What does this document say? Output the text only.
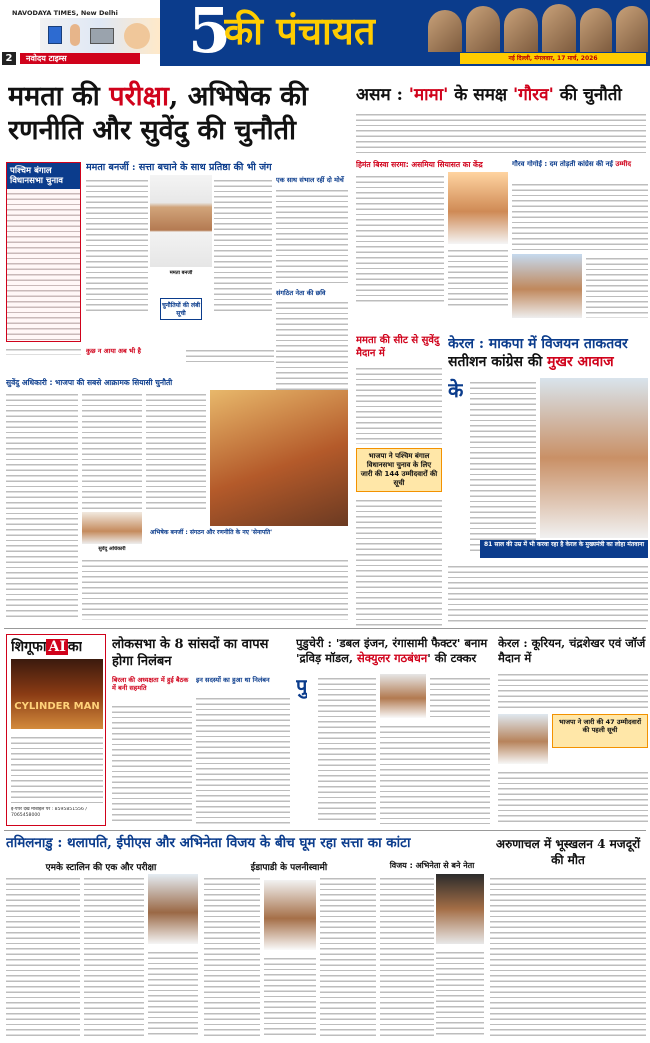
NAVODAYA TIMES, New Delhi
2	नवोदय टाइम्स	5
की पंचायत
नई दिल्ली, मंगलवार, 17 मार्च, 2026
ममता की परीक्षा, अभिषेक की रणनीति और सुवेंदु की चुनौती
पश्चिम बंगाल विधानसभा चुनाव
ममता बनर्जी : सत्ता बचाने के साथ प्रतिष्ठा की भी जंग
ममता बनर्जी
एक साथ संभाल रहीं दो मोर्चे
संगठित नेता की छवि
चुनौतियों की लंबी सूची
कुछ न आया अब भी है
सुवेंदु अधिकारी : भाजपा की सबसे आक्रामक सियासी चुनौती
सुवेंदु अधिकारी
अभिषेक बनर्जी : संगठन और रणनीति के नए 'सेनापति'
असम : 'मामा' के समक्ष 'गौरव' की चुनौती
हिमंत बिस्वा सरमा: असमिया सियासत का केंद्र	गौरव गोगोई : दम तोड़ती कांग्रेस की नई उम्मीद
ममता की सीट से सुवेंदु मैदान में
भाजपा ने पश्चिम बंगाल विधानसभा चुनाव के लिए जारी की 144 उम्मीदवारों की सूची
केरल : माकपा में विजयन ताकतवर
सतीशन कांग्रेस की मुखर आवाज
के
81 साल की उम्र में भी करवा रहा है केरल के मुख्यमंत्री का लोहा मंतवाना
शिगूफा AI का
CYLINDER MAN
ई-पेपर देखें मोबाइल पर : 8595851556 / 7065458000
लोकसभा के 8 सांसदों का वापस होगा निलंबन
बिरला की अध्यक्षता में हुई बैठक में बनी सहमति
इन सदस्यों का हुआ था निलंबन
पुडुचेरी : 'डबल इंजन, रंगासामी फैक्टर' बनाम 'द्रविड़ मॉडल, सेक्युलर गठबंधन' की टक्कर
पु
केरल : कूरियन, चंद्रशेखर एवं जॉर्ज मैदान में
भाजपा ने जारी की 47 उम्मीदवारों की पहली सूची
तमिलनाडु : थलापति, ईपीएस और अभिनेता विजय के बीच घूम रहा सत्ता का कांटा
एमके स्टालिन की एक और परीक्षा	ईडापाडी के पलनीस्वामी	विजय : अभिनेता से बने नेता
अरुणाचल में भूस्खलन 4 मजदूरों की मौत
